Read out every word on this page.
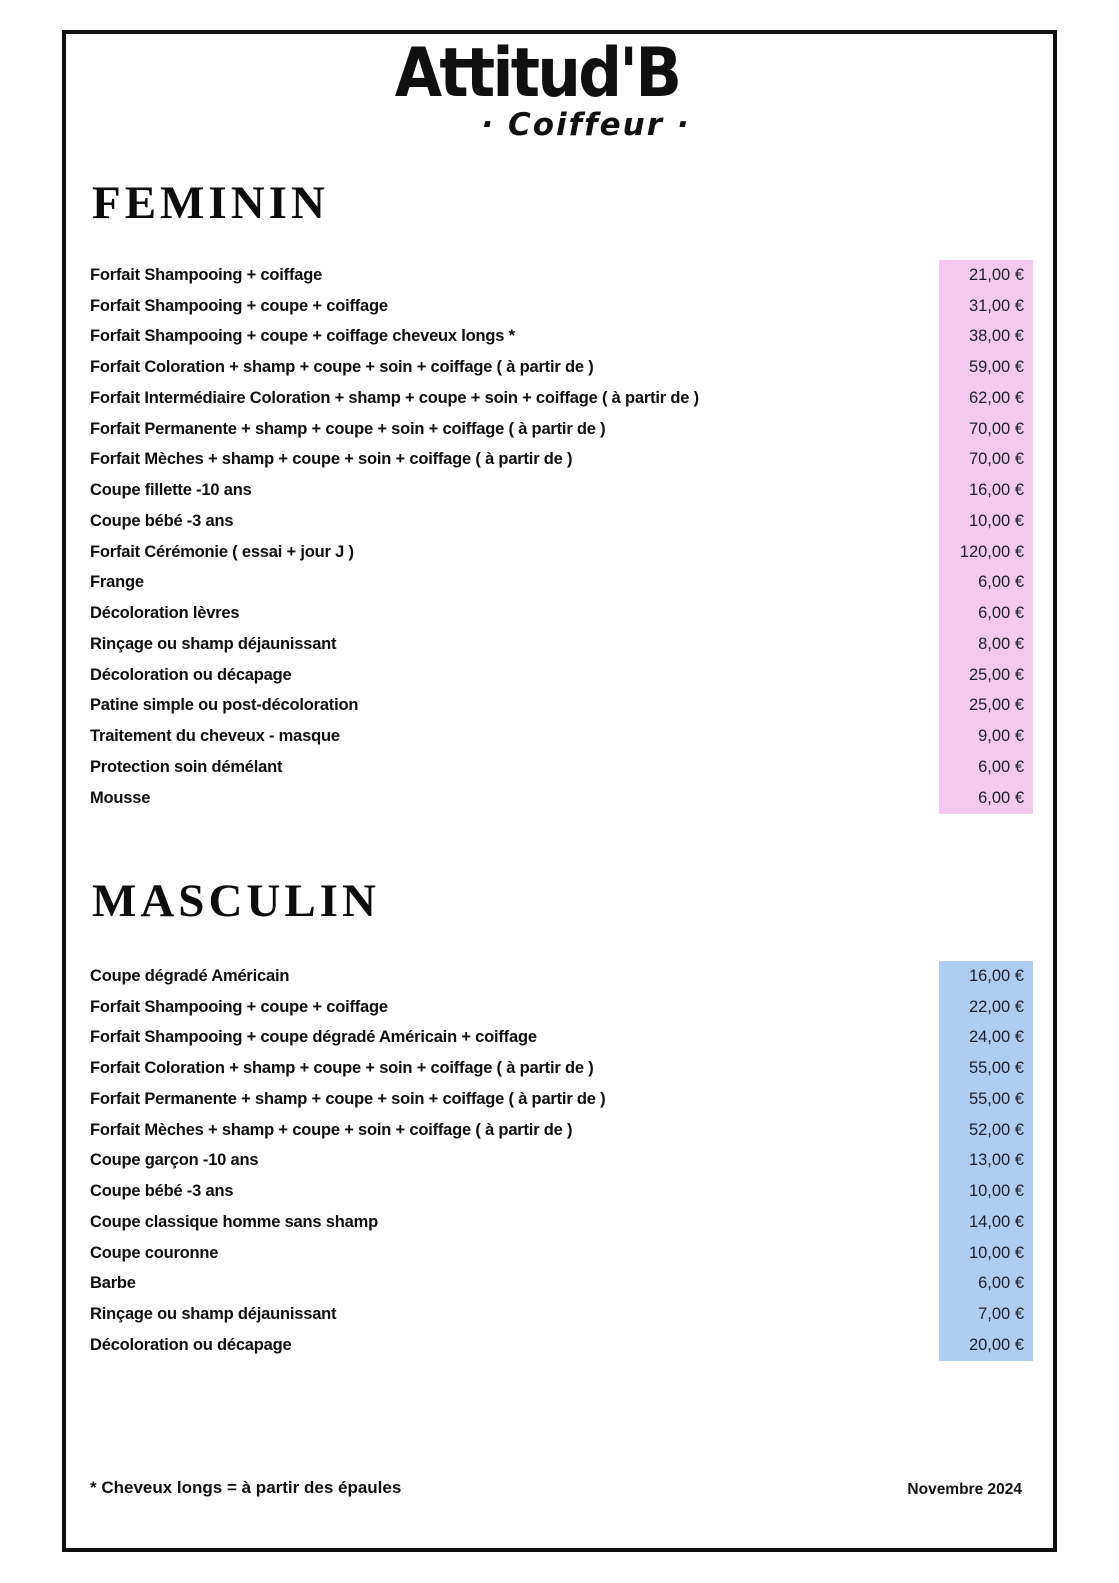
Attitud'B
· Coiffeur ·
FEMININ
Forfait Shampooing + coiffage	21,00 €
Forfait Shampooing + coupe + coiffage	31,00 €
Forfait Shampooing + coupe + coiffage cheveux longs *	38,00 €
Forfait Coloration + shamp + coupe + soin + coiffage ( à partir de )	59,00 €
Forfait Intermédiaire Coloration + shamp + coupe + soin + coiffage ( à partir de )	62,00 €
Forfait Permanente + shamp + coupe + soin + coiffage ( à partir de )	70,00 €
Forfait Mèches + shamp + coupe + soin + coiffage ( à partir de )	70,00 €
Coupe fillette -10 ans	16,00 €
Coupe bébé -3 ans	10,00 €
Forfait Cérémonie ( essai + jour J )	120,00 €
Frange	6,00 €
Décoloration lèvres	6,00 €
Rinçage ou shamp déjaunissant	8,00 €
Décoloration ou décapage	25,00 €
Patine simple ou post-décoloration	25,00 €
Traitement du cheveux - masque	9,00 €
Protection soin démélant	6,00 €
Mousse	6,00 €
MASCULIN
Coupe dégradé Américain	16,00 €
Forfait Shampooing + coupe + coiffage	22,00 €
Forfait Shampooing + coupe dégradé Américain + coiffage	24,00 €
Forfait Coloration + shamp + coupe + soin + coiffage ( à partir de )	55,00 €
Forfait Permanente + shamp + coupe + soin + coiffage ( à partir de )	55,00 €
Forfait Mèches + shamp + coupe + soin + coiffage ( à partir de )	52,00 €
Coupe garçon -10 ans	13,00 €
Coupe bébé -3 ans	10,00 €
Coupe classique homme sans shamp	14,00 €
Coupe couronne	10,00 €
Barbe	6,00 €
Rinçage ou shamp déjaunissant	7,00 €
Décoloration ou décapage	20,00 €
* Cheveux longs = à partir des épaules	Novembre 2024
